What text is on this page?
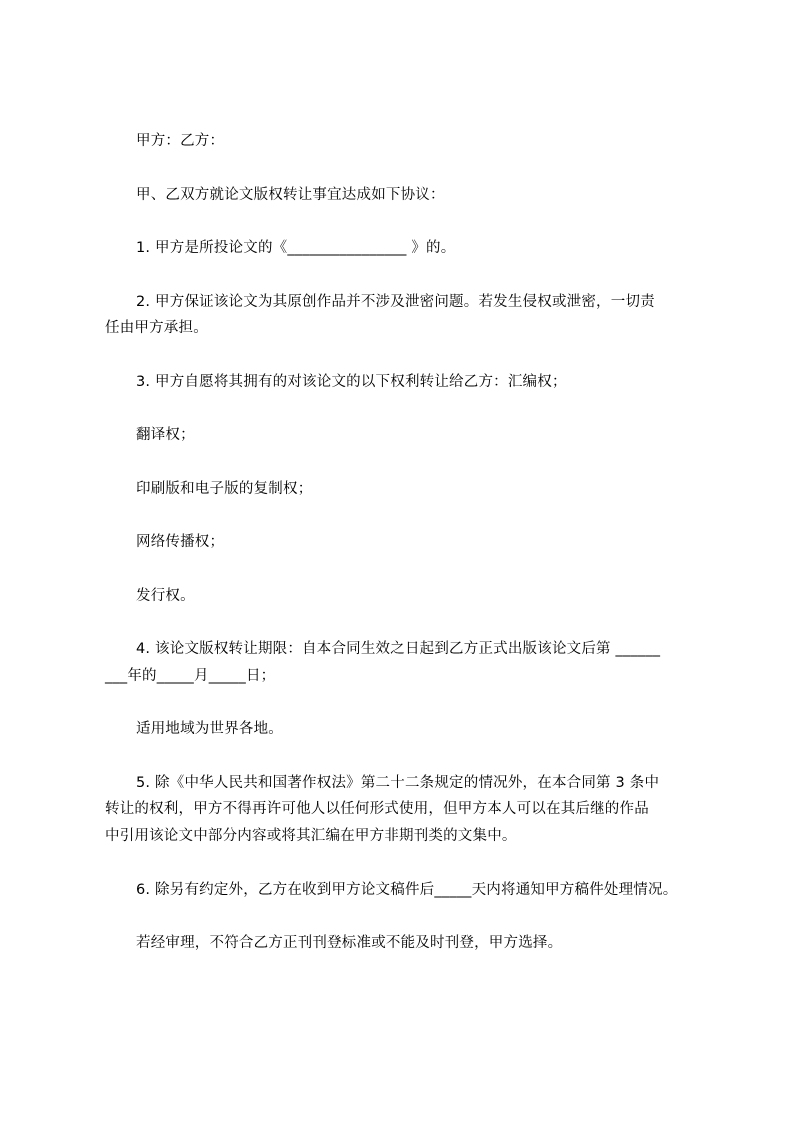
甲方：乙方：
甲、乙双方就论文版权转让事宜达成如下协议：
1. 甲方是所投论文的《________________ 》的。
2. 甲方保证该论文为其原创作品并不涉及泄密问题。若发生侵权或泄密，一切责
任由甲方承担。
3. 甲方自愿将其拥有的对该论文的以下权利转让给乙方：汇编权；
翻译权；
印刷版和电子版的复制权；
网络传播权；
发行权。
4. 该论文版权转让期限：自本合同生效之日起到乙方正式出版该论文后第 ______
___年的_____月_____日；
适用地域为世界各地。
5. 除《中华人民共和国著作权法》第二十二条规定的情况外，在本合同第 3 条中
转让的权利，甲方不得再许可他人以任何形式使用，但甲方本人可以在其后继的作品
中引用该论文中部分内容或将其汇编在甲方非期刊类的文集中。
6. 除另有约定外，乙方在收到甲方论文稿件后_____天内将通知甲方稿件处理情况。
若经审理，不符合乙方正刊刊登标准或不能及时刊登，甲方选择。
